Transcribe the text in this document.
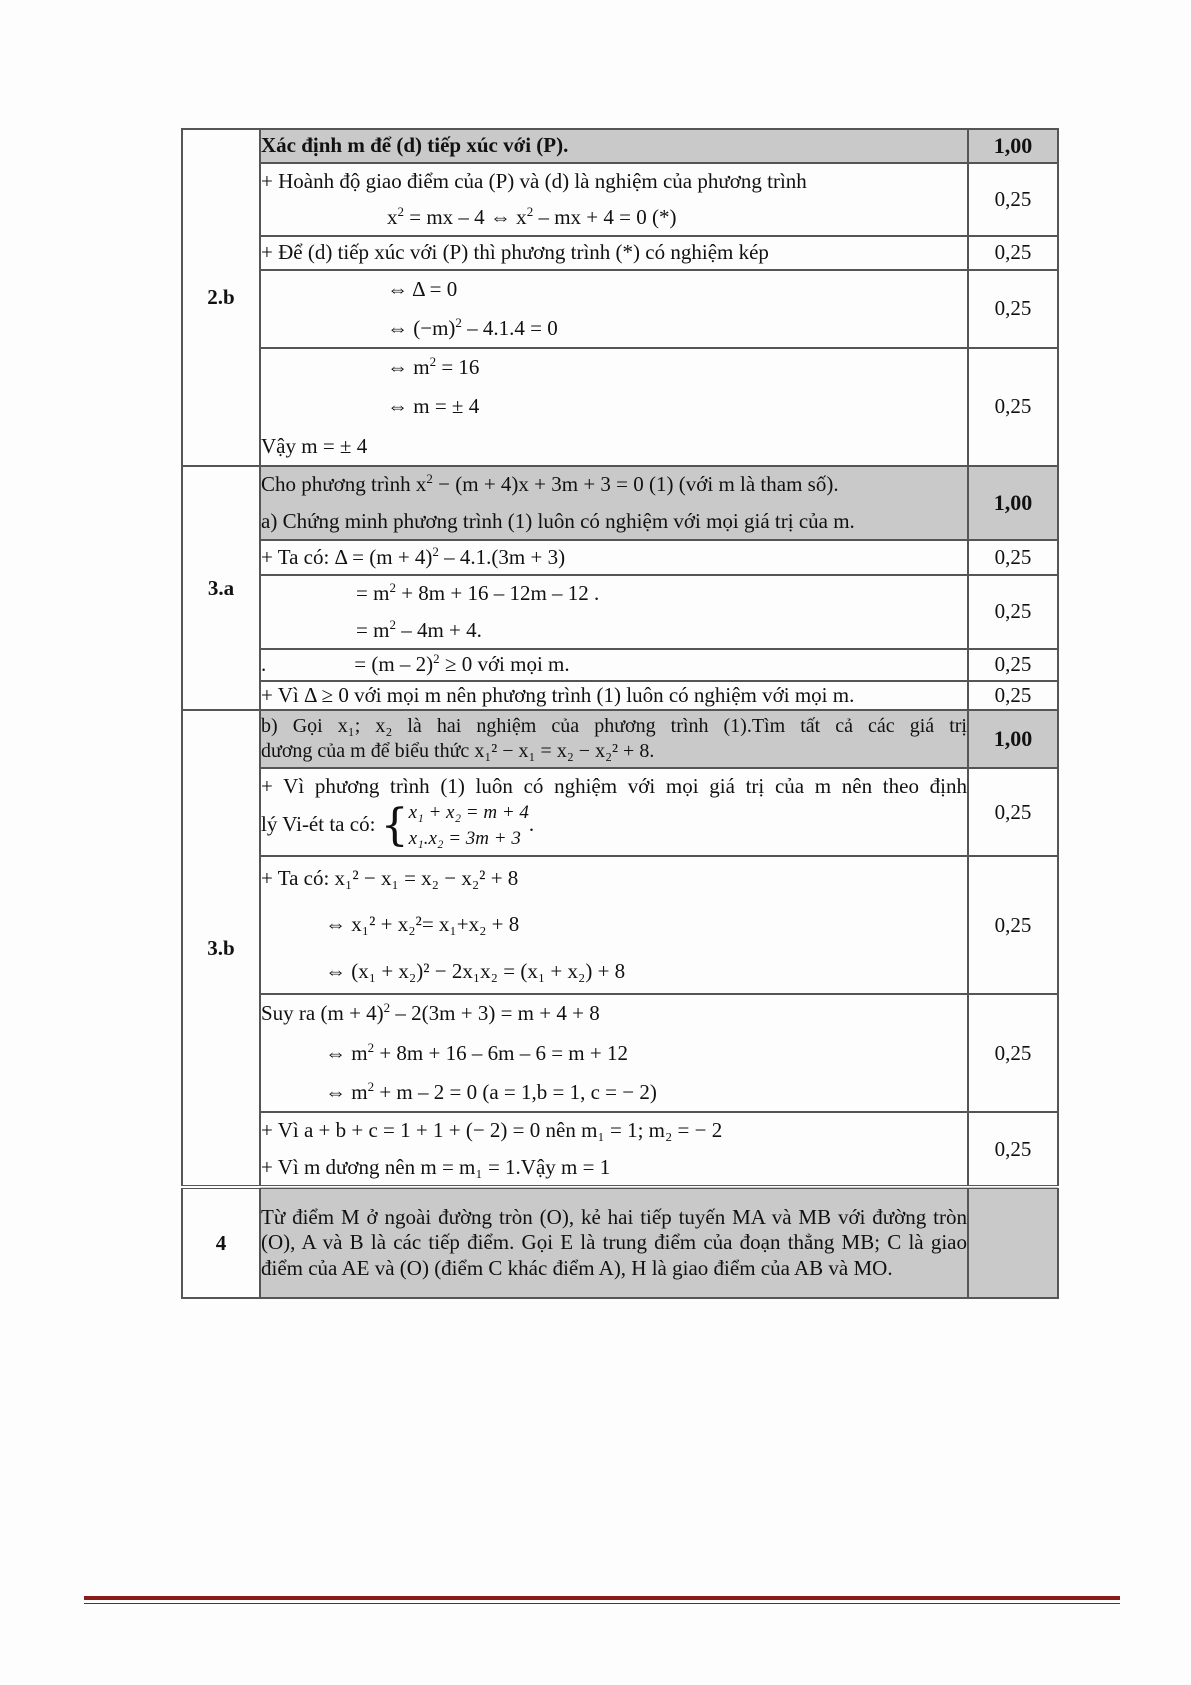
2.b	Xác định m để (d) tiếp xúc với (P).	1,00

	+ Hoành độ giao điểm của (P) và (d) là nghiệm của phương trình
$x^2$ = mx – 4 ⇔ $x^2$ – mx + 4 = 0 (*)	0,25
	+ Để (d) tiếp xúc với (P) thì phương trình (*) có nghiệm kép	0,25

	⇔ Δ = 0
⇔ $(-m)^2 - 4.1.4 = 0$	0,25

	⇔ $m^2 = 16$
⇔ m = ± 4
Vậy m = ± 4	0,25
3.a	Cho phương trình $x^2 - (m + 4)x + 3m + 3 = 0$ (1) (với m là tham số).
a) Chứng minh phương trình (1) luôn có nghiệm với mọi giá trị của m.	1,00
	+ Ta có: $\Delta = (m + 4)^2 - 4.1.(3m + 3)$	0,25

	= $m^2 + 8m + 16 - 12m - 12$ .
= $m^2 - 4m + 4$.	0,25
	. = (m – 2)$^2$ ≥ 0 với mọi m.	0,25
	+ Vì Δ ≥ 0 với mọi m nên phương trình (1) luôn có nghiệm với mọi m.	0,25
3.b	b) Gọi x₁; x₂ là hai nghiệm của phương trình (1).Tìm tất cả các giá trị
dương của m để biểu thức x₁² − x₁ = x₂ − x₂² + 8.	1,00

	+ Vì phương trình (1) luôn có nghiệm với mọi giá trị của m nên theo định
lý Vi-ét ta có: { x₁ + x₂ = m + 4
x₁.x₂ = 3m + 3
.	0,25

	+ Ta có: x₁² − x₁ = x₂ − x₂² + 8
⇔ x₁² + x₂²= x₁+x₂ + 8
⇔ (x₁ + x₂)² − 2x₁x₂ = (x₁ + x₂) + 8	0,25

	Suy ra $(m + 4)^2 - 2(3m + 3) = m + 4 + 8$
⇔ $m^2 + 8m + 16 - 6m - 6 = m + 12$
⇔ $m^2 + m - 2 = 0$ (a = 1,b = 1, c = − 2)	0,25

	+ Vì a + b + c = 1 + 1 + (− 2) = 0 nên m₁ = 1; m₂ = − 2
+ Vì m dương nên m = m₁ = 1.Vậy m = 1	0,25
4	Từ điểm M ở ngoài đường tròn (O), kẻ hai tiếp tuyến MA và MB với đường tròn (O), A và B là các tiếp điểm. Gọi E là trung điểm của đoạn thẳng MB; C là giao điểm của AE và (O) (điểm C khác điểm A), H là giao điểm của AB và MO.	
